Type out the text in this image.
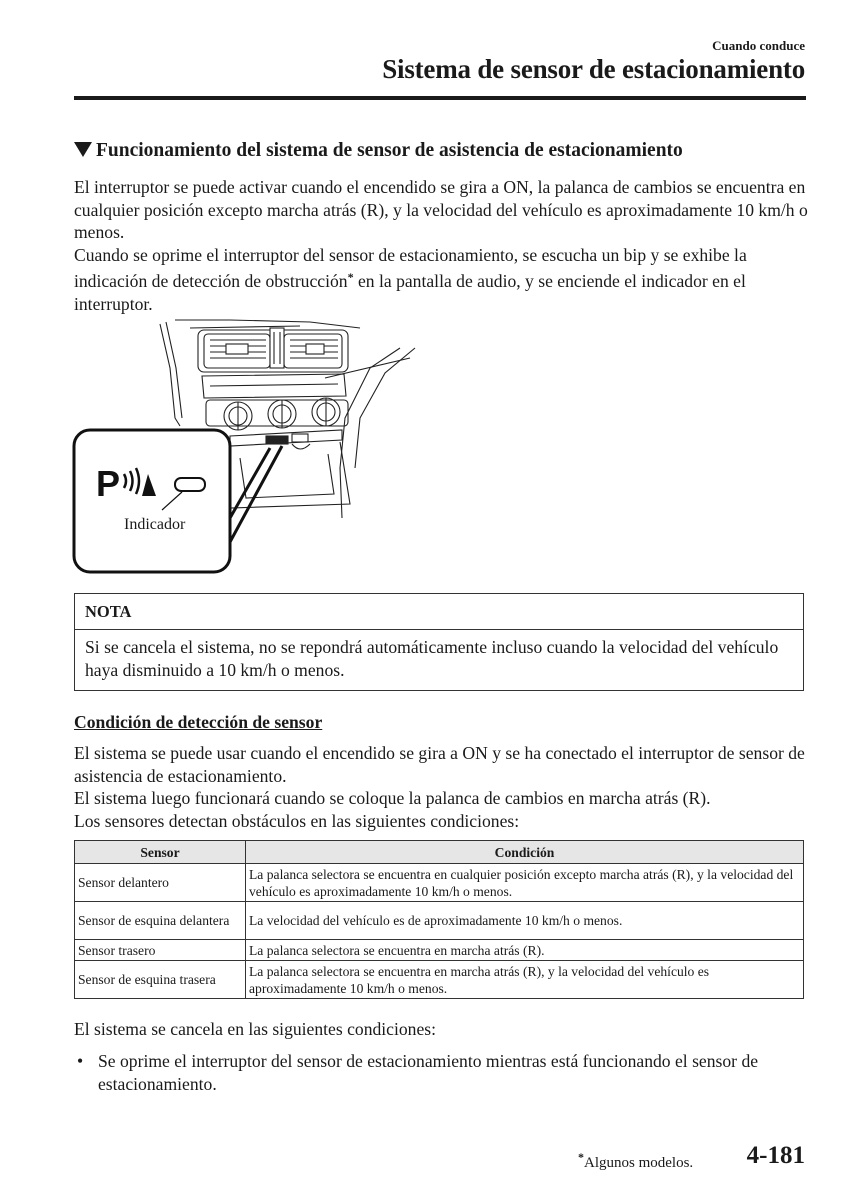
Cuando conduce
Sistema de sensor de estacionamiento
Funcionamiento del sistema de sensor de asistencia de estacionamiento

El interruptor se puede activar cuando el encendido se gira a ON, la palanca de cambios se encuentra en cualquier posición excepto marcha atrás (R), y la velocidad del vehículo es aproximadamente 10 km/h o menos.

Cuando se oprime el interruptor del sensor de estacionamiento, se escucha un bip y se exhibe la indicación de detección de obstrucción* en la pantalla de audio, y se enciende el indicador en el interruptor.

P
Indicador
NOTA
Si se cancela el sistema, no se repondrá automáticamente incluso cuando la velocidad del vehículo haya disminuido a 10 km/h o menos.
Condición de detección de sensor

El sistema se puede usar cuando el encendido se gira a ON y se ha conectado el interruptor de sensor de asistencia de estacionamiento.

El sistema luego funcionará cuando se coloque la palanca de cambios en marcha atrás (R).

Los sensores detectan obstáculos en las siguientes condiciones:

Sensor	Condición
Sensor delantero	La palanca selectora se encuentra en cualquier posición excepto marcha atrás (R), y la velocidad del vehículo es aproximadamente 10 km/h o menos.
Sensor de esquina delantera	La velocidad del vehículo es de aproximadamente 10 km/h o menos.
Sensor trasero	La palanca selectora se encuentra en marcha atrás (R).
Sensor de esquina trasera	La palanca selectora se encuentra en marcha atrás (R), y la velocidad del vehículo es aproximadamente 10 km/h o menos.
El sistema se cancela en las siguientes condiciones:
• Se oprime el interruptor del sensor de estacionamiento mientras está funcionando el sensor de estacionamiento.
*Algunos modelos. 4-181
